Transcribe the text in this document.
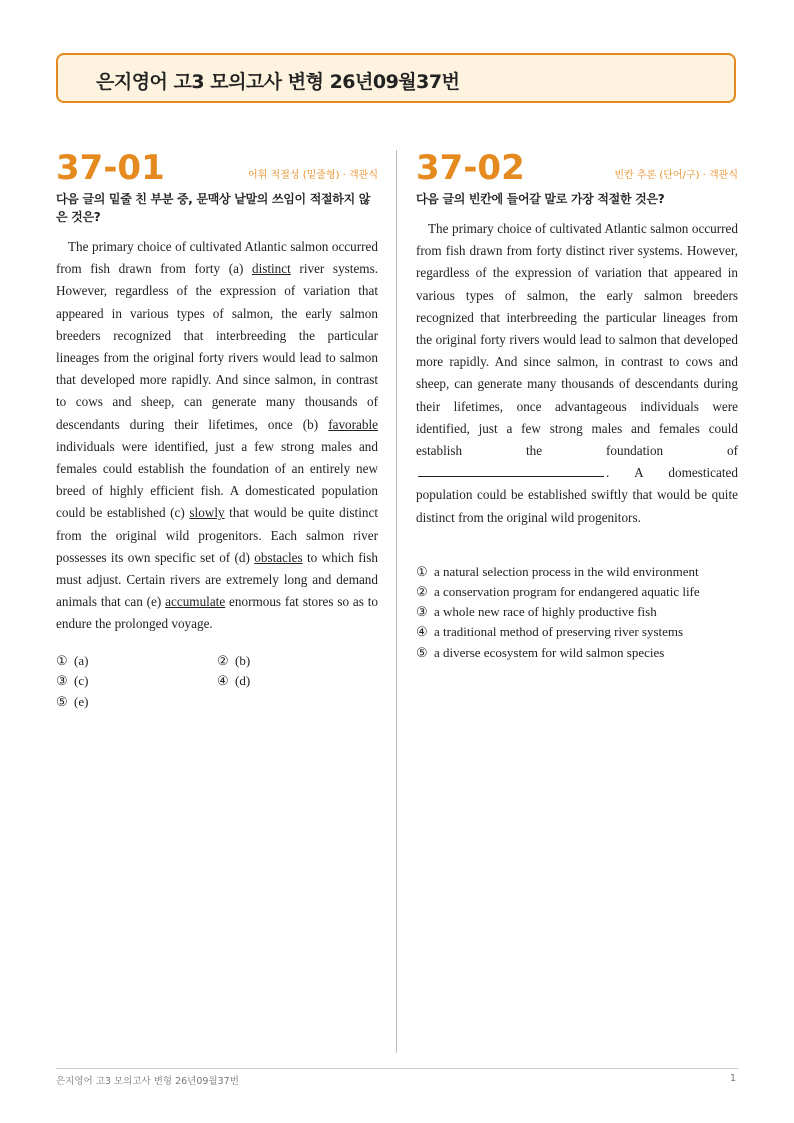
은지영어 고3 모의고사 변형 26년09월37번
37-01	어휘 적절성 (밑줄형) · 객관식
다음 글의 밑줄 친 부분 중, 문맥상 낱말의 쓰임이 적절하지 않은 것은?
The primary choice of cultivated Atlantic salmon occurred from fish drawn from forty (a) distinct river systems. However, regardless of the expression of variation that appeared in various types of salmon, the early salmon breeders recognized that interbreeding the particular lineages from the original forty rivers would lead to salmon that developed more rapidly. And since salmon, in contrast to cows and sheep, can generate many thousands of descendants during their lifetimes, once (b) favorable individuals were identified, just a few strong males and females could establish the foundation of an entirely new breed of highly efficient fish. A domesticated population could be established (c) slowly that would be quite distinct from the original wild progenitors. Each salmon river possesses its own specific set of (d) obstacles to which fish must adjust. Certain rivers are extremely long and demand animals that can (e) accumulate enormous fat stores so as to endure the prolonged voyage.
① (a)	② (b)
③ (c)	④ (d)
⑤ (e)
37-02	빈칸 추론 (단어/구) · 객관식
다음 글의 빈칸에 들어갈 말로 가장 적절한 것은?
The primary choice of cultivated Atlantic salmon occurred from fish drawn from forty distinct river systems. However, regardless of the expression of variation that appeared in various types of salmon, the early salmon breeders recognized that interbreeding the particular lineages from the original forty rivers would lead to salmon that developed more rapidly. And since salmon, in contrast to cows and sheep, can generate many thousands of descendants during their lifetimes, once advantageous individuals were identified, just a few strong males and females could establish the foundation of . A domesticated population could be established swiftly that would be quite distinct from the original wild progenitors.
① a natural selection process in the wild environment
② a conservation program for endangered aquatic life
③ a whole new race of highly productive fish
④ a traditional method of preserving river systems
⑤ a diverse ecosystem for wild salmon species
은지영어 고3 모의고사 변형 26년09월37번	1
